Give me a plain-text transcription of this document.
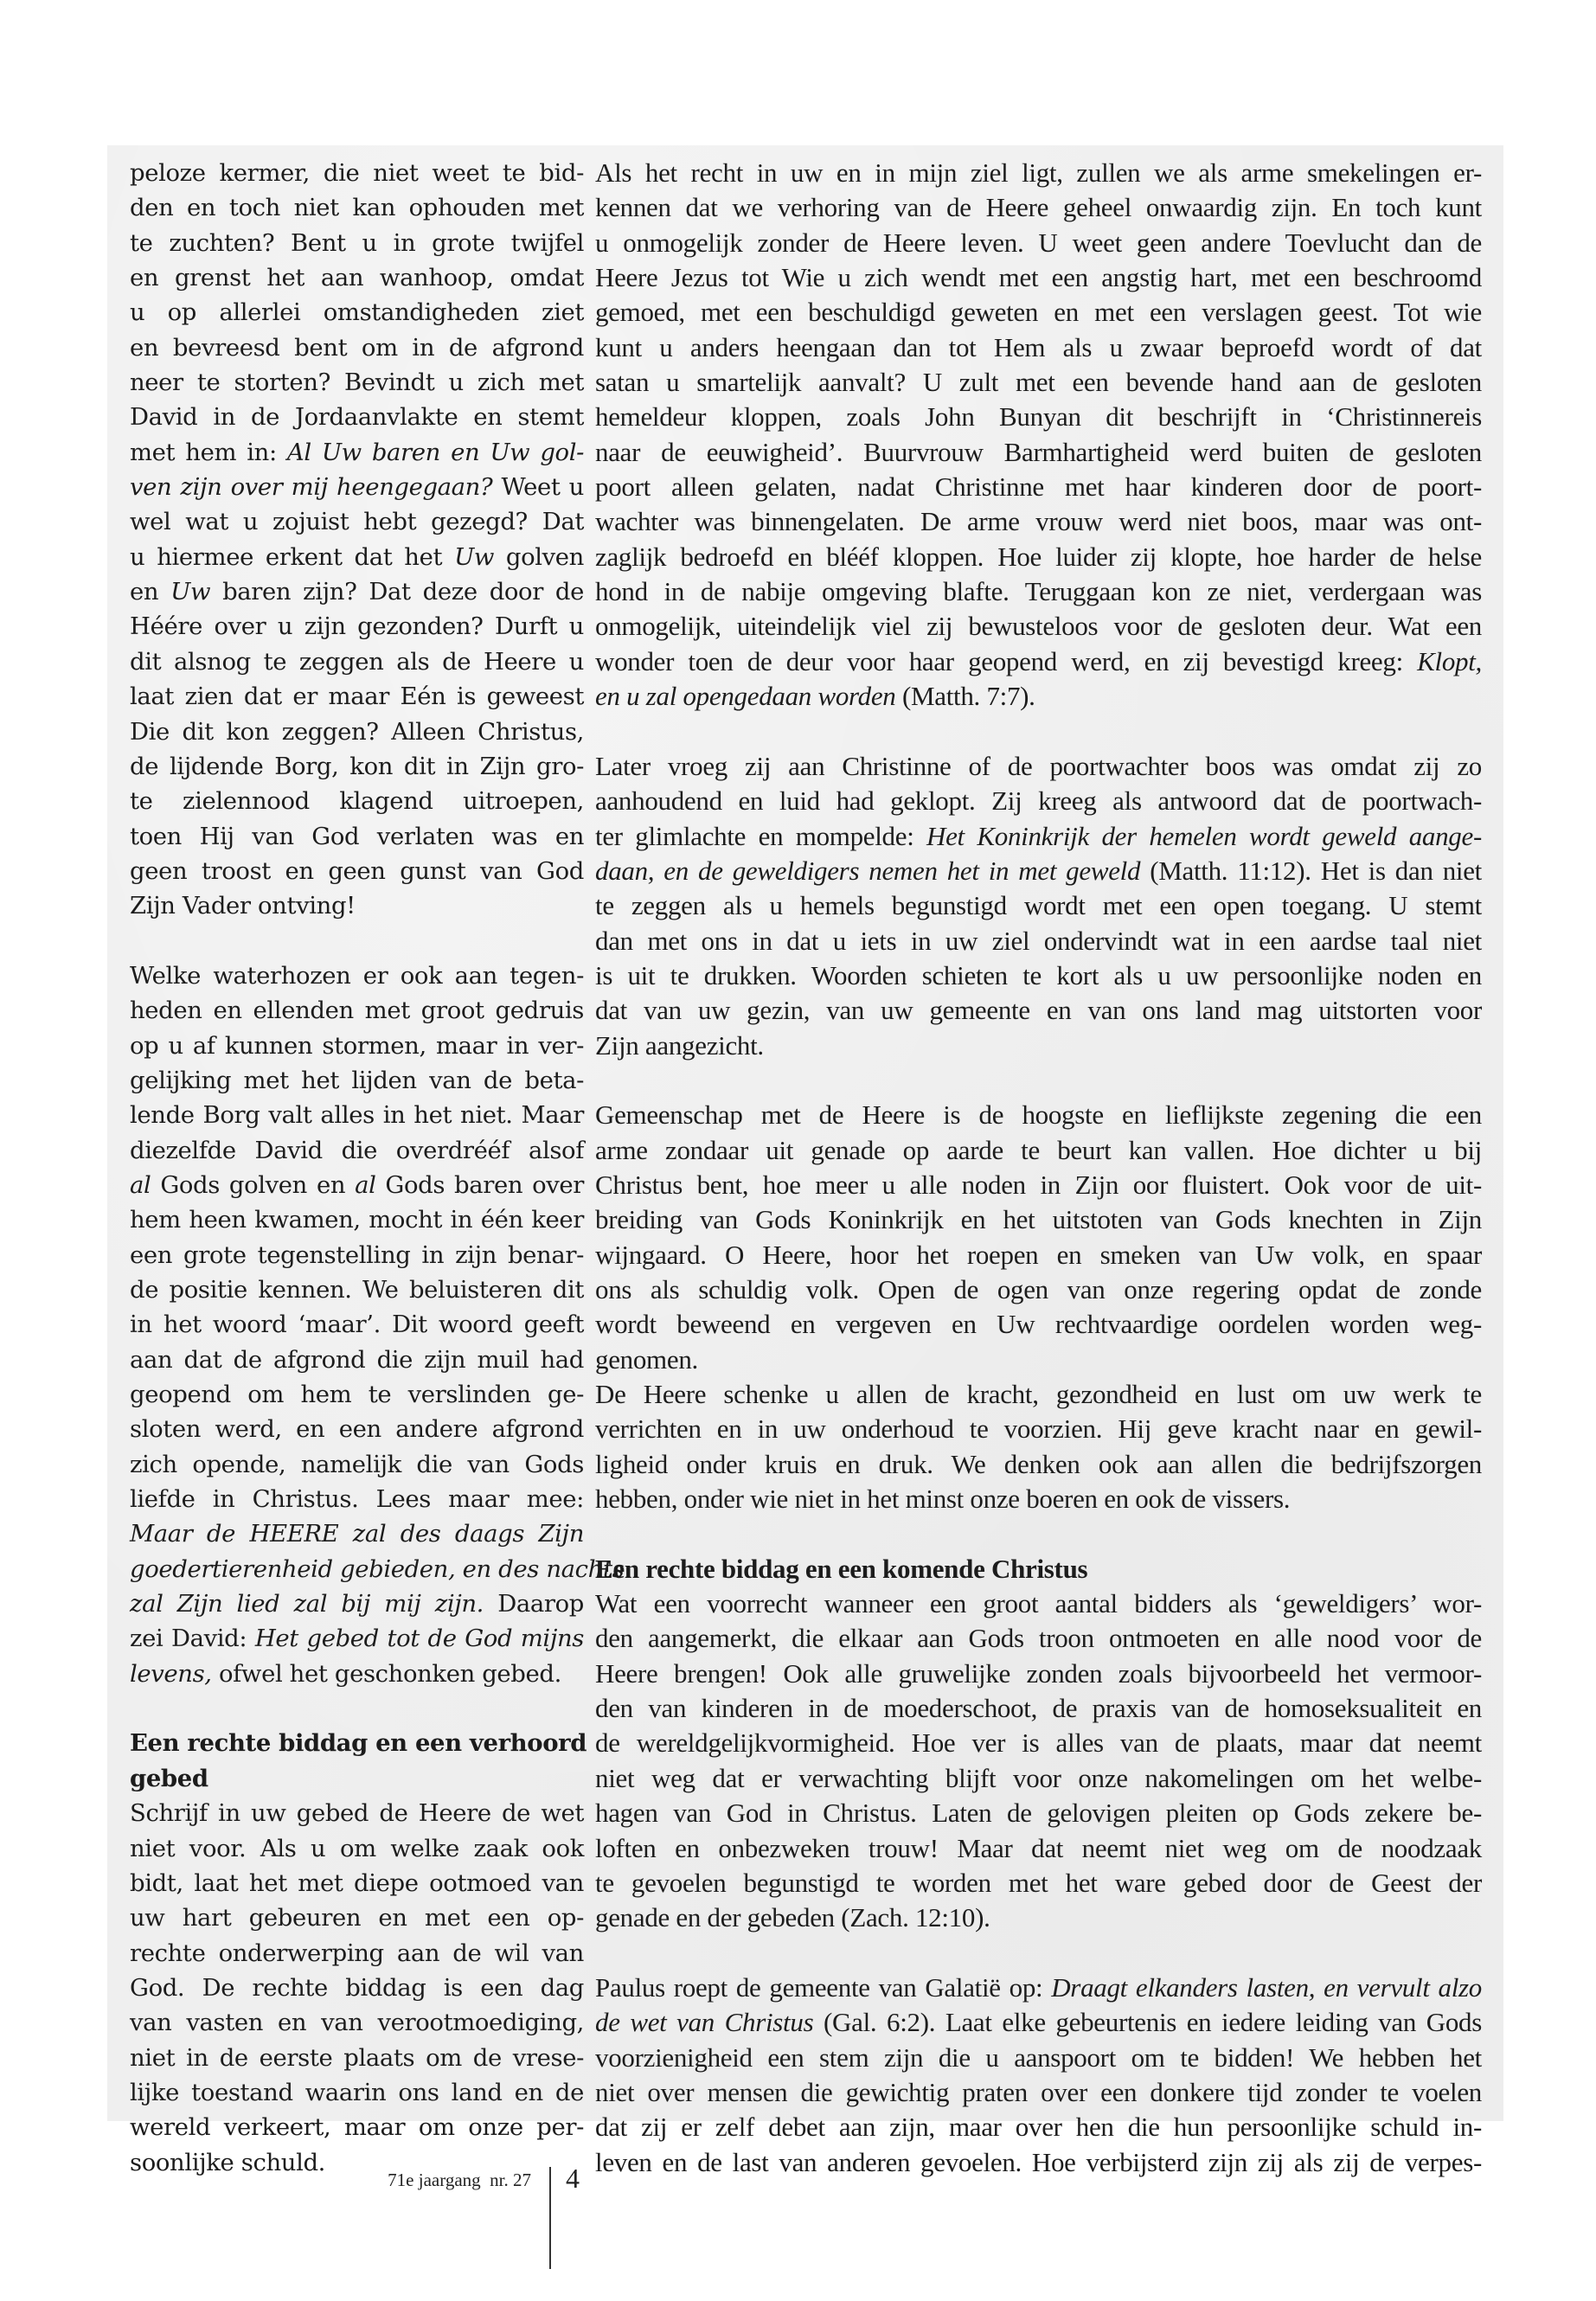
peloze kermer, die niet weet te bid-
den en toch niet kan ophouden met
te zuchten? Bent u in grote twijfel
en grenst het aan wanhoop, omdat
u op allerlei omstandigheden ziet
en bevreesd bent om in de afgrond
neer te storten? Bevindt u zich met
David in de Jordaanvlakte en stemt
met hem in: Al Uw baren en Uw gol-
ven zijn over mij heengegaan? Weet u
wel wat u zojuist hebt gezegd? Dat
u hiermee erkent dat het Uw golven
en Uw baren zijn? Dat deze door de
Héére over u zijn gezonden? Durft u
dit alsnog te zeggen als de Heere u
laat zien dat er maar Eén is geweest
Die dit kon zeggen? Alleen Christus,
de lijdende Borg, kon dit in Zijn gro-
te zielennood klagend uitroepen,
toen Hij van God verlaten was en
geen troost en geen gunst van God
Zijn Vader ontving!
Welke waterhozen er ook aan tegen-
heden en ellenden met groot gedruis
op u af kunnen stormen, maar in ver-
gelijking met het lijden van de beta-
lende Borg valt alles in het niet. Maar
diezelfde David die overdrééf alsof
al Gods golven en al Gods baren over
hem heen kwamen, mocht in één keer
een grote tegenstelling in zijn benar-
de positie kennen. We beluisteren dit
in het woord ‘maar’. Dit woord geeft
aan dat de afgrond die zijn muil had
geopend om hem te verslinden ge-
sloten werd, en een andere afgrond
zich opende, namelijk die van Gods
liefde in Christus. Lees maar mee:
Maar de HEERE zal des daags Zijn
goedertierenheid gebieden, en des nachts
zal Zijn lied zal bij mij zijn. Daarop
zei David: Het gebed tot de God mijns
levens, ofwel het geschonken gebed.
Een rechte biddag en een verhoord
gebed
Schrijf in uw gebed de Heere de wet
niet voor. Als u om welke zaak ook
bidt, laat het met diepe ootmoed van
uw hart gebeuren en met een op-
rechte onderwerping aan de wil van
God. De rechte biddag is een dag
van vasten en van verootmoediging,
niet in de eerste plaats om de vrese-
lijke toestand waarin ons land en de
wereld verkeert, maar om onze per-
soonlijke schuld.
Als het recht in uw en in mijn ziel ligt, zullen we als arme smekelingen er-
kennen dat we verhoring van de Heere geheel onwaardig zijn. En toch kunt
u onmogelijk zonder de Heere leven. U weet geen andere Toevlucht dan de
Heere Jezus tot Wie u zich wendt met een angstig hart, met een beschroomd
gemoed, met een beschuldigd geweten en met een verslagen geest. Tot wie
kunt u anders heengaan dan tot Hem als u zwaar beproefd wordt of dat
satan u smartelijk aanvalt? U zult met een bevende hand aan de gesloten
hemeldeur kloppen, zoals John Bunyan dit beschrijft in ‘Christinnereis
naar de eeuwigheid’. Buurvrouw Barmhartigheid werd buiten de gesloten
poort alleen gelaten, nadat Christinne met haar kinderen door de poort-
wachter was binnengelaten. De arme vrouw werd niet boos, maar was ont-
zaglijk bedroefd en blééf kloppen. Hoe luider zij klopte, hoe harder de helse
hond in de nabije omgeving blafte. Teruggaan kon ze niet, verdergaan was
onmogelijk, uiteindelijk viel zij bewusteloos voor de gesloten deur. Wat een
wonder toen de deur voor haar geopend werd, en zij bevestigd kreeg: Klopt,
en u zal opengedaan worden (Matth. 7:7).
Later vroeg zij aan Christinne of de poortwachter boos was omdat zij zo
aanhoudend en luid had geklopt. Zij kreeg als antwoord dat de poortwach-
ter glimlachte en mompelde: Het Koninkrijk der hemelen wordt geweld aange-
daan, en de geweldigers nemen het in met geweld (Matth. 11:12). Het is dan niet
te zeggen als u hemels begunstigd wordt met een open toegang. U stemt
dan met ons in dat u iets in uw ziel ondervindt wat in een aardse taal niet
is uit te drukken. Woorden schieten te kort als u uw persoonlijke noden en
dat van uw gezin, van uw gemeente en van ons land mag uitstorten voor
Zijn aangezicht.
Gemeenschap met de Heere is de hoogste en lieflijkste zegening die een
arme zondaar uit genade op aarde te beurt kan vallen. Hoe dichter u bij
Christus bent, hoe meer u alle noden in Zijn oor fluistert. Ook voor de uit-
breiding van Gods Koninkrijk en het uitstoten van Gods knechten in Zijn
wijngaard. O Heere, hoor het roepen en smeken van Uw volk, en spaar
ons als schuldig volk. Open de ogen van onze regering opdat de zonde
wordt beweend en vergeven en Uw rechtvaardige oordelen worden weg-
genomen.
De Heere schenke u allen de kracht, gezondheid en lust om uw werk te
verrichten en in uw onderhoud te voorzien. Hij geve kracht naar en gewil-
ligheid onder kruis en druk. We denken ook aan allen die bedrijfszorgen
hebben, onder wie niet in het minst onze boeren en ook de vissers.
Een rechte biddag en een komende Christus
Wat een voorrecht wanneer een groot aantal bidders als ‘geweldigers’ wor-
den aangemerkt, die elkaar aan Gods troon ontmoeten en alle nood voor de
Heere brengen! Ook alle gruwelijke zonden zoals bijvoorbeeld het vermoor-
den van kinderen in de moederschoot, de praxis van de homoseksualiteit en
de wereldgelijkvormigheid. Hoe ver is alles van de plaats, maar dat neemt
niet weg dat er verwachting blijft voor onze nakomelingen om het welbe-
hagen van God in Christus. Laten de gelovigen pleiten op Gods zekere be-
loften en onbezweken trouw! Maar dat neemt niet weg om de noodzaak
te gevoelen begunstigd te worden met het ware gebed door de Geest der
genade en der gebeden (Zach. 12:10).
Paulus roept de gemeente van Galatië op: Draagt elkanders lasten, en vervult alzo
de wet van Christus (Gal. 6:2). Laat elke gebeurtenis en iedere leiding van Gods
voorzienigheid een stem zijn die u aanspoort om te bidden! We hebben het
niet over mensen die gewichtig praten over een donkere tijd zonder te voelen
dat zij er zelf debet aan zijn, maar over hen die hun persoonlijke schuld in-
leven en de last van anderen gevoelen. Hoe verbijsterd zijn zij als zij de verpes-
71e jaargang  nr. 27 4
